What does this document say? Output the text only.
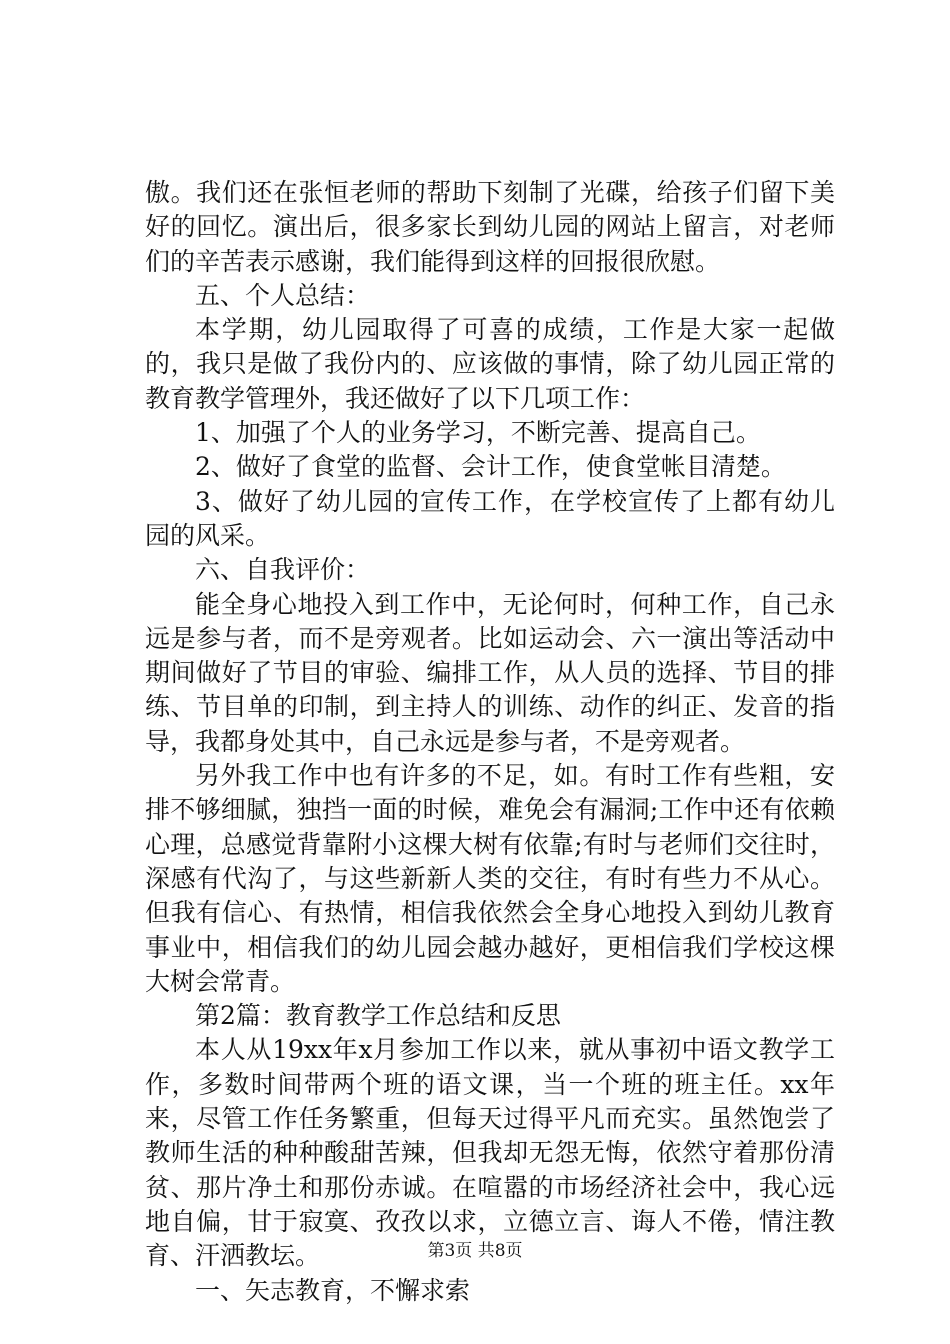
傲。我们还在张恒老师的帮助下刻制了光碟，给孩子们留下美好的回忆。演出后，很多家长到幼儿园的网站上留言，对老师们的辛苦表示感谢，我们能得到这样的回报很欣慰。

五、个人总结：

本学期，幼儿园取得了可喜的成绩，工作是大家一起做的，我只是做了我份内的、应该做的事情，除了幼儿园正常的教育教学管理外，我还做好了以下几项工作：

1、加强了个人的业务学习，不断完善、提高自己。

2、做好了食堂的监督、会计工作，使食堂帐目清楚。

3、做好了幼儿园的宣传工作，在学校宣传了上都有幼儿园的风采。

六、自我评价：

能全身心地投入到工作中，无论何时，何种工作，自己永远是参与者，而不是旁观者。比如运动会、六一演出等活动中期间做好了节目的审验、编排工作，从人员的选择、节目的排练、节目单的印制，到主持人的训练、动作的纠正、发音的指导，我都身处其中，自己永远是参与者，不是旁观者。

另外我工作中也有许多的不足，如。有时工作有些粗，安排不够细腻，独挡一面的时候，难免会有漏洞;工作中还有依赖心理，总感觉背靠附小这棵大树有依靠;有时与老师们交往时，深感有代沟了，与这些新新人类的交往，有时有些力不从心。但我有信心、有热情，相信我依然会全身心地投入到幼儿教育事业中，相信我们的幼儿园会越办越好，更相信我们学校这棵大树会常青。

第2篇：教育教学工作总结和反思

本人从19xx年x月参加工作以来，就从事初中语文教学工作，多数时间带两个班的语文课，当一个班的班主任。xx年来，尽管工作任务繁重，但每天过得平凡而充实。虽然饱尝了教师生活的种种酸甜苦辣，但我却无怨无悔，依然守着那份清贫、那片净土和那份赤诚。在喧嚣的市场经济社会中，我心远地自偏，甘于寂寞、孜孜以求，立德立言、诲人不倦，情注教育、汗洒教坛。

一、矢志教育，不懈求索

第3页 共8页
